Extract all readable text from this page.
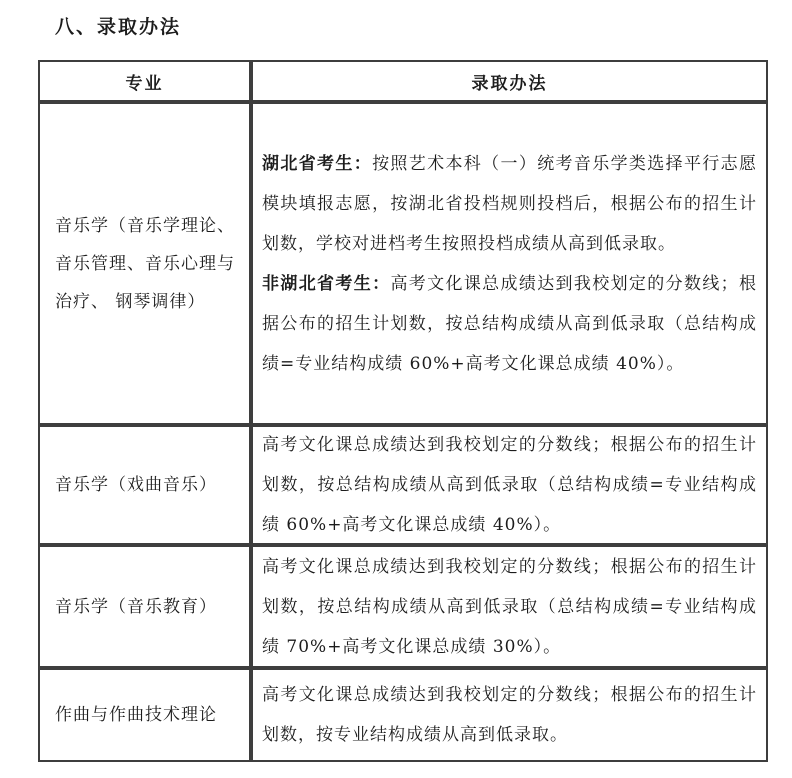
八、录取办法
专业	录取办法
音乐学（音乐学理论、音乐管理、音乐心理与治疗、 钢琴调律）

湖北省考生：按照艺术本科（一）统考音乐学类选择平行志愿模块填报志愿，按湖北省投档规则投档后，根据公布的招生计划数，学校对进档考生按照投档成绩从高到低录取。

非湖北省考生：高考文化课总成绩达到我校划定的分数线；根据公布的招生计划数，按总结构成绩从高到低录取（总结构成绩=专业结构成绩 60%+高考文化课总成绩 40%）。

音乐学（戏曲音乐）

高考文化课总成绩达到我校划定的分数线；根据公布的招生计划数，按总结构成绩从高到低录取（总结构成绩=专业结构成绩 60%+高考文化课总成绩 40%）。

音乐学（音乐教育）

高考文化课总成绩达到我校划定的分数线；根据公布的招生计划数，按总结构成绩从高到低录取（总结构成绩=专业结构成绩 70%+高考文化课总成绩 30%）。

作曲与作曲技术理论

高考文化课总成绩达到我校划定的分数线；根据公布的招生计划数，按专业结构成绩从高到低录取。
